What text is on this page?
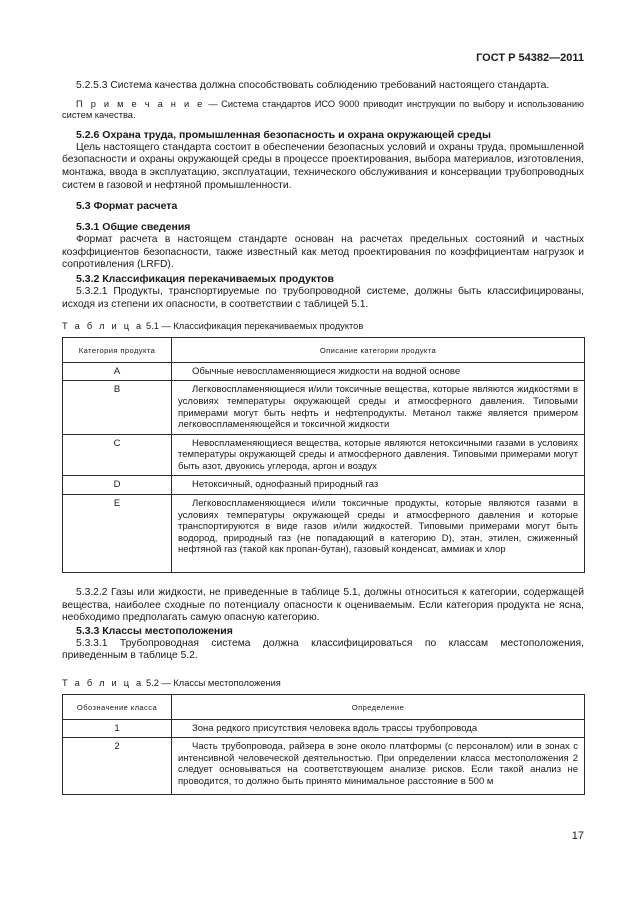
ГОСТ Р 54382—2011

5.2.5.3 Система качества должна способствовать соблюдению требований настоящего стандарта.

П р и м е ч а н и е — Система стандартов ИСО 9000 приводит инструкции по выбору и использованию систем качества.

5.2.6 Охрана труда, промышленная безопасность и охрана окружающей среды

Цель настоящего стандарта состоит в обеспечении безопасных условий и охраны труда, промышленной безопасности и охраны окружающей среды в процессе проектирования, выбора материалов, изготовления, монтажа, ввода в эксплуатацию, эксплуатации, технического обслуживания и консервации трубопроводных систем в газовой и нефтяной промышленности.

5.3 Формат расчета

5.3.1 Общие сведения

Формат расчета в настоящем стандарте основан на расчетах предельных состояний и частных коэффициентов безопасности, также известный как метод проектирования по коэффициентам нагрузок и сопротивления (LRFD).

5.3.2 Классификация перекачиваемых продуктов

5.3.2.1 Продукты, транспортируемые по трубопроводной системе, должны быть классифицированы, исходя из степени их опасности, в соответствии с таблицей 5.1.

Т а б л и ц а 5.1 — Классификация перекачиваемых продуктов

Категория продукта	Описание категории продукта
A	Обычные невоспламеняющиеся жидкости на водной основе
B	Легковоспламеняющиеся и/или токсичные вещества, которые являются жидкостями в условиях температуры окружающей среды и атмосферного давления. Типовыми примерами могут быть нефть и нефтепродукты. Метанол также является примером легковоспламеняющейся и токсичной жидкости
C	Невоспламеняющиеся вещества, которые являются нетоксичными газами в условиях температуры окружающей среды и атмосферного давления. Типовыми примерами могут быть азот, двуокись углерода, аргон и воздух
D	Нетоксичный, однофазный природный газ
E	Легковоспламеняющиеся и/или токсичные продукты, которые являются газами в условиях температуры окружающей среды и атмосферного давления и которые транспортируются в виде газов и/или жидкостей. Типовыми примерами могут быть водород, природный газ (не попадающий в категорию D), этан, этилен, сжиженный нефтяной газ (такой как пропан-бутан), газовый конденсат, аммиак и хлор

5.3.2.2 Газы или жидкости, не приведенные в таблице 5.1, должны относиться к категории, содержащей вещества, наиболее сходные по потенциалу опасности к оцениваемым. Если категория продукта не ясна, необходимо предполагать самую опасную категорию.

5.3.3 Классы местоположения

5.3.3.1 Трубопроводная система должна классифицироваться по классам местоположения, приведенным в таблице 5.2.

Т а б л и ц а 5.2 — Классы местоположения

Обозначение класса	Определение
1	Зона редкого присутствия человека вдоль трассы трубопровода
2	Часть трубопровода, райзера в зоне около платформы (с персоналом) или в зонах с интенсивной человеческой деятельностью. При определении класса местоположения 2 следует основываться на соответствующем анализе рисков. Если такой анализ не проводится, то должно быть принято минимальное расстояние в 500 м
17
